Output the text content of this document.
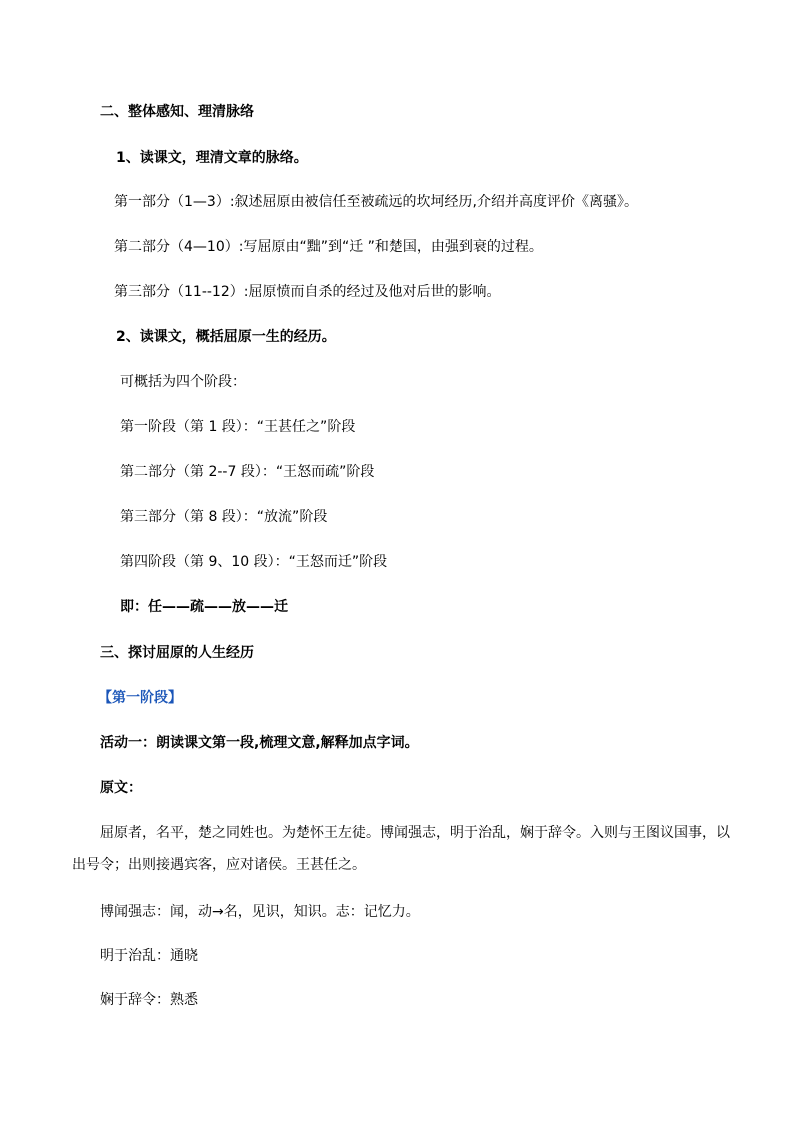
二、整体感知、理清脉络
1、读课文，理清文章的脉络。
第一部分（1—3）:叙述屈原由被信任至被疏远的坎坷经历,介绍并高度评价《离骚》。
第二部分（4—10）:写屈原由“黜”到“迁 ”和楚国，由强到衰的过程。
第三部分（11--12）:屈原愤而自杀的经过及他对后世的影响。
2、读课文，概括屈原一生的经历。
可概括为四个阶段：
第一阶段（第 1 段）：“王甚任之”阶段
第二部分（第 2--7 段）：“王怒而疏”阶段
第三部分（第 8 段）：“放流”阶段
第四阶段（第 9、10 段）：“王怒而迁”阶段
即：任——疏——放——迁
三、探讨屈原的人生经历
【第一阶段】
活动一：朗读课文第一段,梳理文意,解释加点字词。
原文：
屈原者，名平，楚之同姓也。为楚怀王左徒。博闻强志，明于治乱，娴于辞令。入则与王图议国事，以出号令；出则接遇宾客，应对诸侯。王甚任之。
博闻强志：闻，动→名，见识，知识。志：记忆力。
明于治乱：通晓
娴于辞令：熟悉
